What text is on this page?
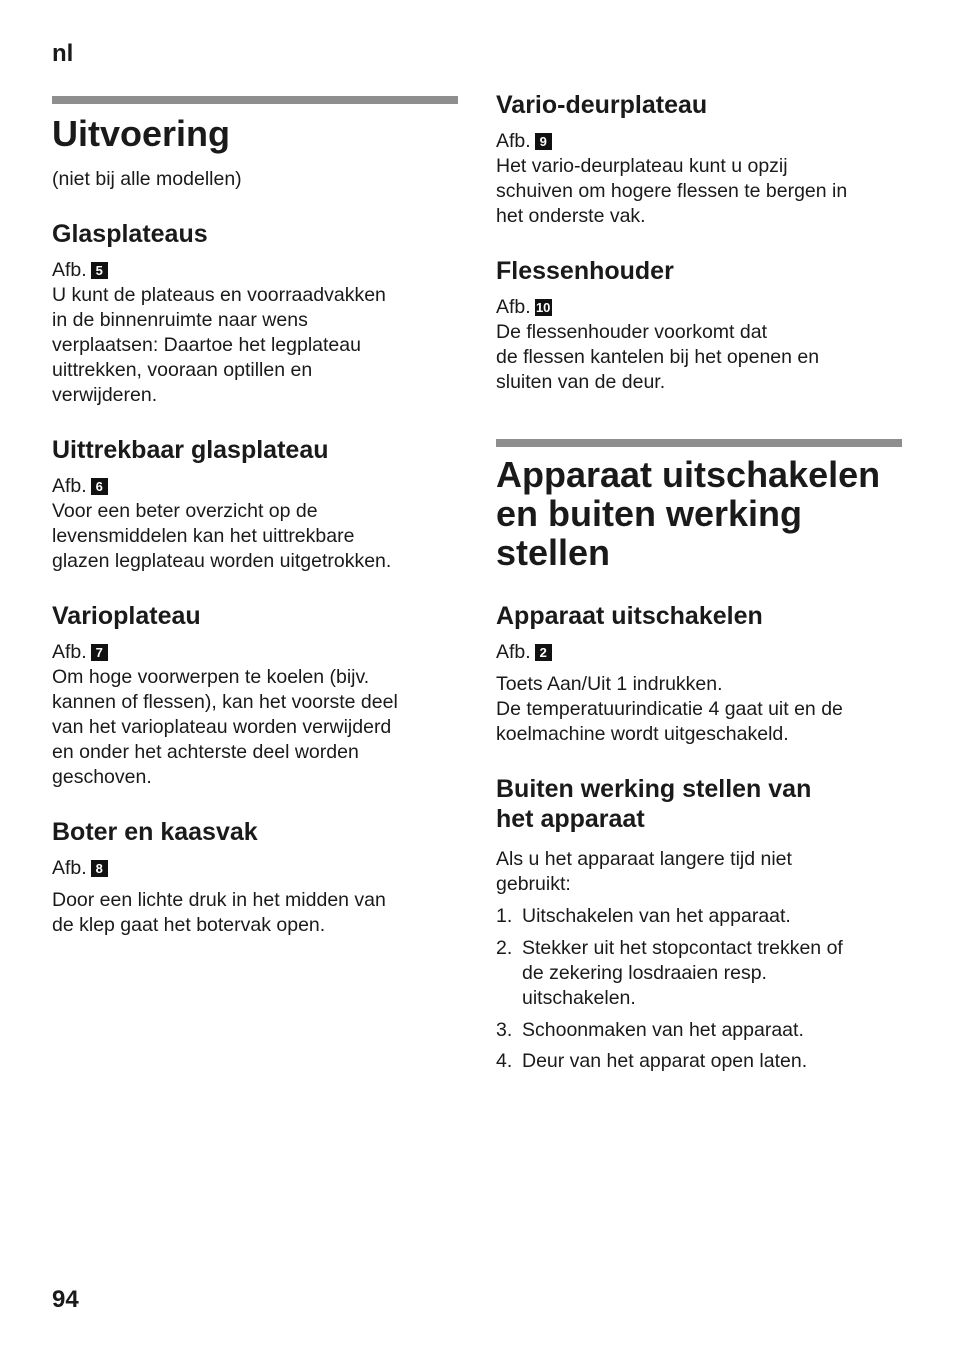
nl
Uitvoering

(niet bij alle modellen)

Glasplateaus
Afb. 5

U kunt de plateaus en voorraadvakken

in de binnenruimte naar wens

verplaatsen: Daartoe het legplateau

uittrekken, vooraan optillen en

verwijderen.

Uittrekbaar glasplateau
Afb. 6

Voor een beter overzicht op de

levensmiddelen kan het uittrekbare

glazen legplateau worden uitgetrokken.

Varioplateau
Afb. 7

Om hoge voorwerpen te koelen (bijv.

kannen of flessen), kan het voorste deel

van het varioplateau worden verwijderd

en onder het achterste deel worden

geschoven.

Boter en kaasvak
Afb. 8

Door een lichte druk in het midden van

de klep gaat het botervak open.

Vario-deurplateau
Afb. 9

Het vario-deurplateau kunt u opzij

schuiven om hogere flessen te bergen in

het onderste vak.

Flessenhouder
Afb. 10

De flessenhouder voorkomt dat

de flessen kantelen bij het openen en

sluiten van de deur.

Apparaat uitschakelen
en buiten werking
stellen
Apparaat uitschakelen
Afb. 2

Toets Aan/Uit 1 indrukken.

De temperatuurindicatie 4 gaat uit en de

koelmachine wordt uitgeschakeld.

Buiten werking stellen van
het apparaat

Als u het apparaat langere tijd niet

gebruikt:

1. Uitschakelen van het apparaat.
2. Stekker uit het stopcontact trekken of
de zekering losdraaien resp.
uitschakelen.
3. Schoonmaken van het apparaat.
4. Deur van het apparat open laten.
94
